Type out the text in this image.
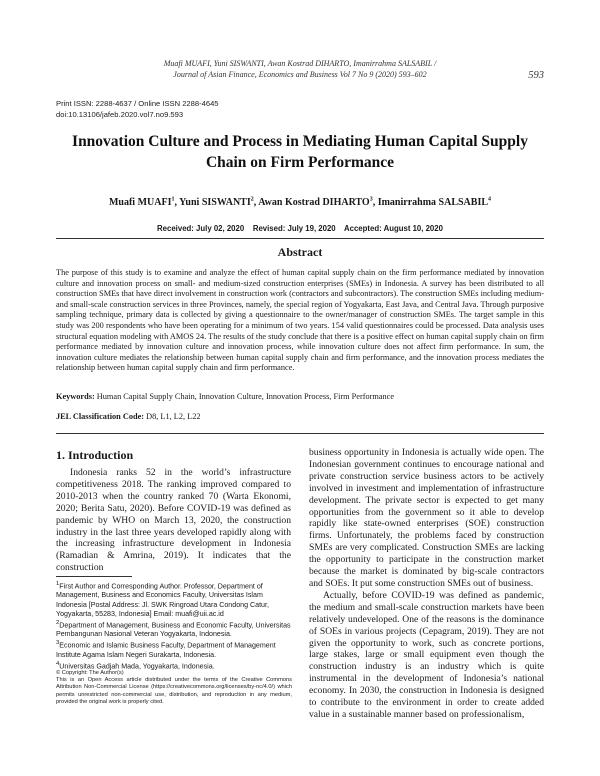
Muafi MUAFI, Yuni SISWANTI, Awan Kostrad DIHARTO, Imanirrahma SALSABIL /
Journal of Asian Finance, Economics and Business Vol 7 No 9 (2020) 593–602	593
Print ISSN: 2288-4637 / Online ISSN 2288-4645
doi:10.13106/jafeb.2020.vol7.no9.593
Innovation Culture and Process in Mediating Human Capital Supply
Chain on Firm Performance
Muafi MUAFI$^1$, Yuni SISWANTI$^2$, Awan Kostrad DIHARTO$^3$, Imanirrahma SALSABIL$^4$
Received: July 02, 2020    Revised: July 19, 2020    Accepted: August 10, 2020
Abstract
The purpose of this study is to examine and analyze the effect of human capital supply chain on the firm performance mediated by innovation culture and innovation process on small- and medium-sized construction enterprises (SMEs) in Indonesia. A survey has been distributed to all construction SMEs that have direct involvement in construction work (contractors and subcontractors). The construction SMEs including medium- and small-scale construction services in three Provinces, namely, the special region of Yogyakarta, East Java, and Central Java. Through purposive sampling technique, primary data is collected by giving a questionnaire to the owner/manager of construction SMEs. The target sample in this study was 200 respondents who have been operating for a minimum of two years. 154 valid questionnaires could be processed. Data analysis uses structural equation modeling with AMOS 24. The results of the study conclude that there is a positive effect on human capital supply chain on firm performance mediated by innovation culture and innovation process, while innovation culture does not affect firm performance. In sum, the innovation culture mediates the relationship between human capital supply chain and firm performance, and the innovation process mediates the relationship between human capital supply chain and firm performance.
Keywords: Human Capital Supply Chain, Innovation Culture, Innovation Process, Firm Performance
JEL Classification Code: D8, L1, L2, L22
1. Introduction

Indonesia ranks 52 in the world’s infrastructure competitiveness 2018. The ranking improved compared to 2010-2013 when the country ranked 70 (Warta Ekonomi, 2020; Berita Satu, 2020). Before COVID-19 was defined as pandemic by WHO on March 13, 2020, the construction industry in the last three years developed rapidly along with the increasing infrastructure development in Indonesia (Ramadian & Amrina, 2019). It indicates that the construction

business opportunity in Indonesia is actually wide open. The Indonesian government continues to encourage national and private construction service business actors to be actively involved in investment and implementation of infrastructure development. The private sector is expected to get many opportunities from the government so it able to develop rapidly like state-owned enterprises (SOE) construction firms. Unfortunately, the problems faced by construction SMEs are very complicated. Construction SMEs are lacking the opportunity to participate in the construction market because the market is dominated by big-scale contractors and SOEs. It put some construction SMEs out of business.

Actually, before COVID-19 was defined as pandemic, the medium and small-scale construction markets have been relatively undeveloped. One of the reasons is the dominance of SOEs in various projects (Cepagram, 2019). They are not given the opportunity to work, such as concrete portions, large stakes, large or small equipment even though the construction industry is an industry which is quite instrumental in the development of Indonesia’s national economy. In 2030, the construction in Indonesia is designed to contribute to the environment in order to create added value in a sustainable manner based on professionalism,

$^1$First Author and Corresponding Author. Professor, Department of Management, Business and Economics Faculty, Universitas Islam Indonesia [Postal Address: Jl. SWK Ringroad Utara Condong Catur, Yogyakarta, 55283, Indonesia] Email: muafi@uii.ac.id

$^2$Department of Management, Business and Economic Faculty, Universitas Pembangunan Nasional Veteran Yogyakarta, Indonesia.

$^3$Economic and Islamic Business Faculty, Department of Management Institute Agama Islam Negeri Surakarta, Indonesia.

$^4$Universitas Gadjah Mada, Yogyakarta, Indonesia.

© Copyright: The Author(s)

This is an Open Access article distributed under the terms of the Creative Commons Attribution Non-Commercial License (https://creativecommons.org/licenses/by-nc/4.0/) which permits unrestricted non-commercial use, distribution, and reproduction in any medium, provided the original work is properly cited.
